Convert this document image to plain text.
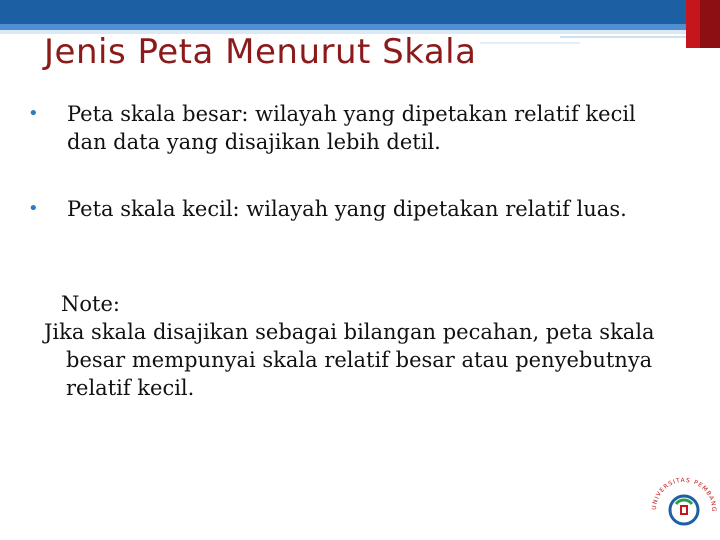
Jenis Peta Menurut Skala
• Peta skala besar: wilayah yang dipetakan relatif kecil dan data yang disajikan lebih detil.
• Peta skala kecil: wilayah yang dipetakan relatif luas.
Note:
Jika skala disajikan sebagai bilangan pecahan, peta skala besar mempunyai skala relatif besar atau penyebutnya relatif kecil.
UNIVERSITAS PEMBANG
